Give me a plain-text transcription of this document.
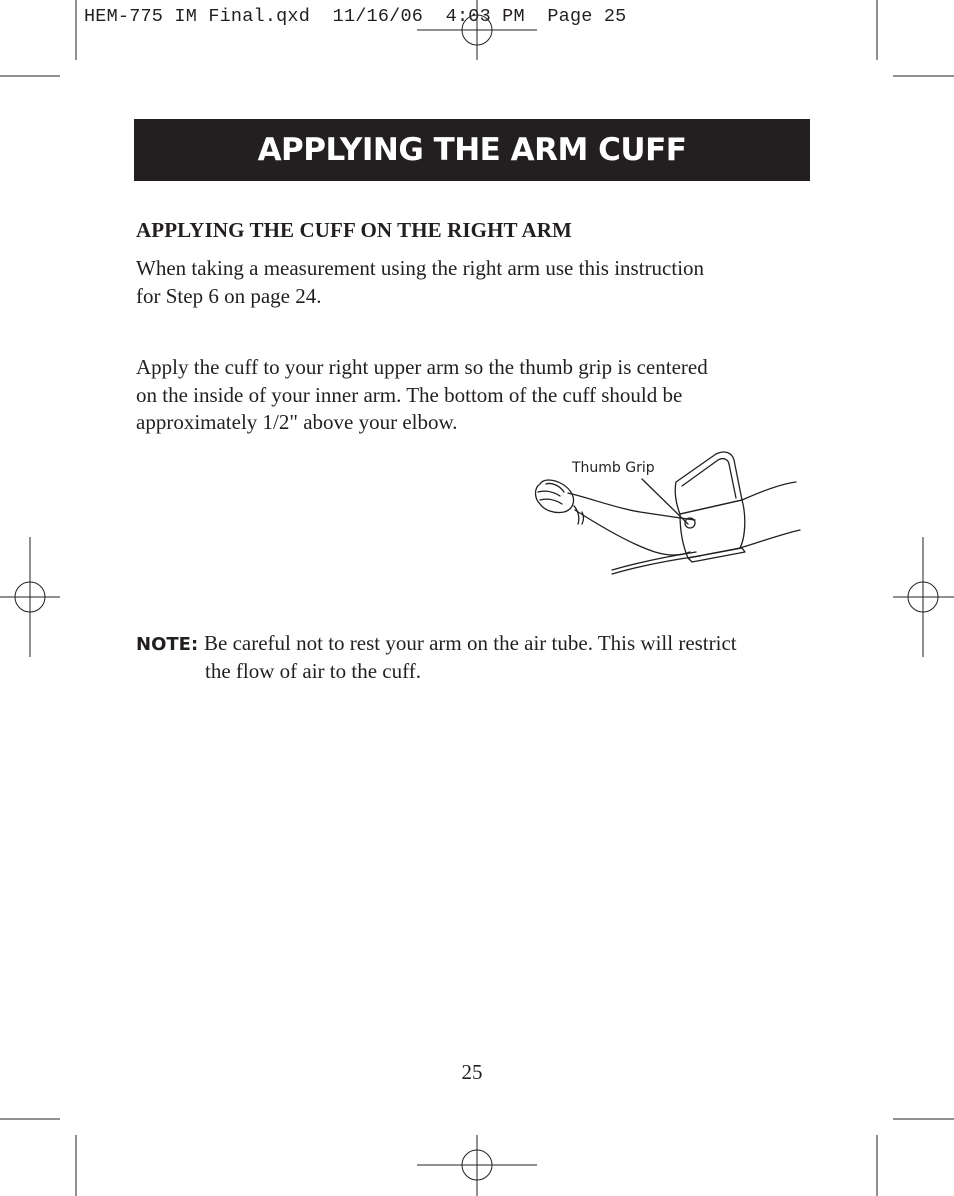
HEM-775 IM Final.qxd  11/16/06  4:03 PM  Page 25
APPLYING THE ARM CUFF
APPLYING THE CUFF ON THE RIGHT ARM
When taking a measurement using the right arm use this instruction
for Step 6 on page 24.
Apply the cuff to your right upper arm so the thumb grip is centered
on the inside of your inner arm. The bottom of the cuff should be
approximately 1/2" above your elbow.
Thumb Grip
NOTE: Be careful not to rest your arm on the air tube. This will restrict
the flow of air to the cuff.
25
